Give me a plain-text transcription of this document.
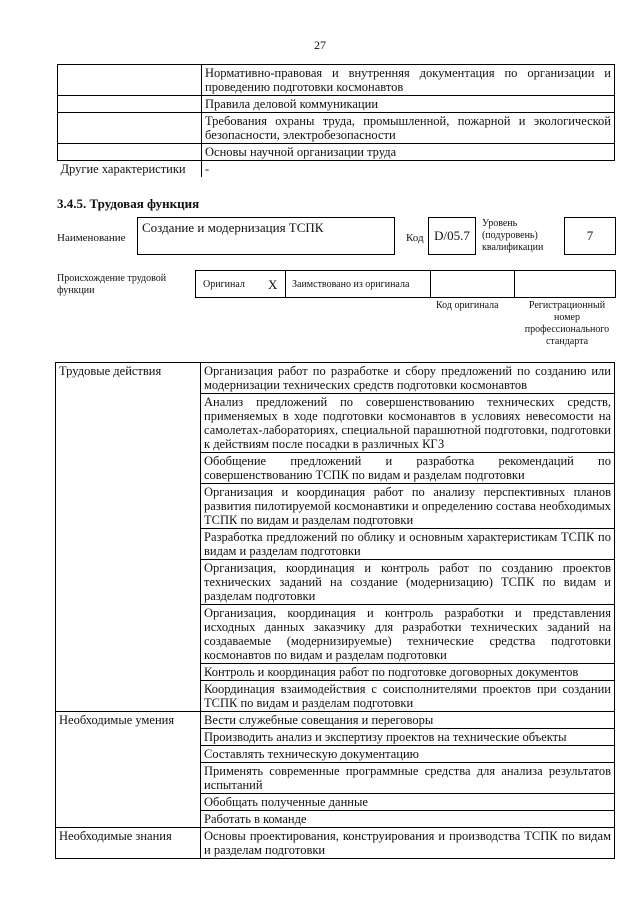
27
	Нормативно-правовая и внутренняя документация по организации и проведению подготовки космонавтов
	Правила деловой коммуникации
	Требования охраны труда, промышленной, пожарной и экологической безопасности, электробезопасности
	Основы научной организации труда
Другие характеристики	-
3.4.5. Трудовая функция
Наименование
Создание и модернизация ТСПК
Код D/05.7
Уровень (подуровень) квалификации
7
Происхождение трудовой функции
Оригинал X Заимствовано из оригинала
Код оригинала	Регистрационный номер профессионального стандарта
Трудовые действия	Организация работ по разработке и сбору предложений по созданию или модернизации технических средств подготовки космонавтов
	Анализ предложений по совершенствованию технических средств, применяемых в ходе подготовки космонавтов в условиях невесомости на самолетах-лабораториях, специальной парашютной подготовки, подготовки к действиям после посадки в различных КГЗ
	Обобщение предложений и разработка рекомендаций по совершенствованию ТСПК по видам и разделам подготовки
	Организация и координация работ по анализу перспективных планов развития пилотируемой космонавтики и определению состава необходимых ТСПК по видам и разделам подготовки
	Разработка предложений по облику и основным характеристикам ТСПК по видам и разделам подготовки
	Организация, координация и контроль работ по созданию проектов технических заданий на создание (модернизацию) ТСПК по видам и разделам подготовки
	Организация, координация и контроль разработки и представления исходных данных заказчику для разработки технических заданий на создаваемые (модернизируемые) технические средства подготовки космонавтов по видам и разделам подготовки
	Контроль и координация работ по подготовке договорных документов
	Координация взаимодействия с соисполнителями проектов при создании ТСПК по видам и разделам подготовки
Необходимые умения	Вести служебные совещания и переговоры
	Производить анализ и экспертизу проектов на технические объекты
	Составлять техническую документацию
	Применять современные программные средства для анализа результатов испытаний
	Обобщать полученные данные
	Работать в команде
Необходимые знания	Основы проектирования, конструирования и производства ТСПК по видам и разделам подготовки
